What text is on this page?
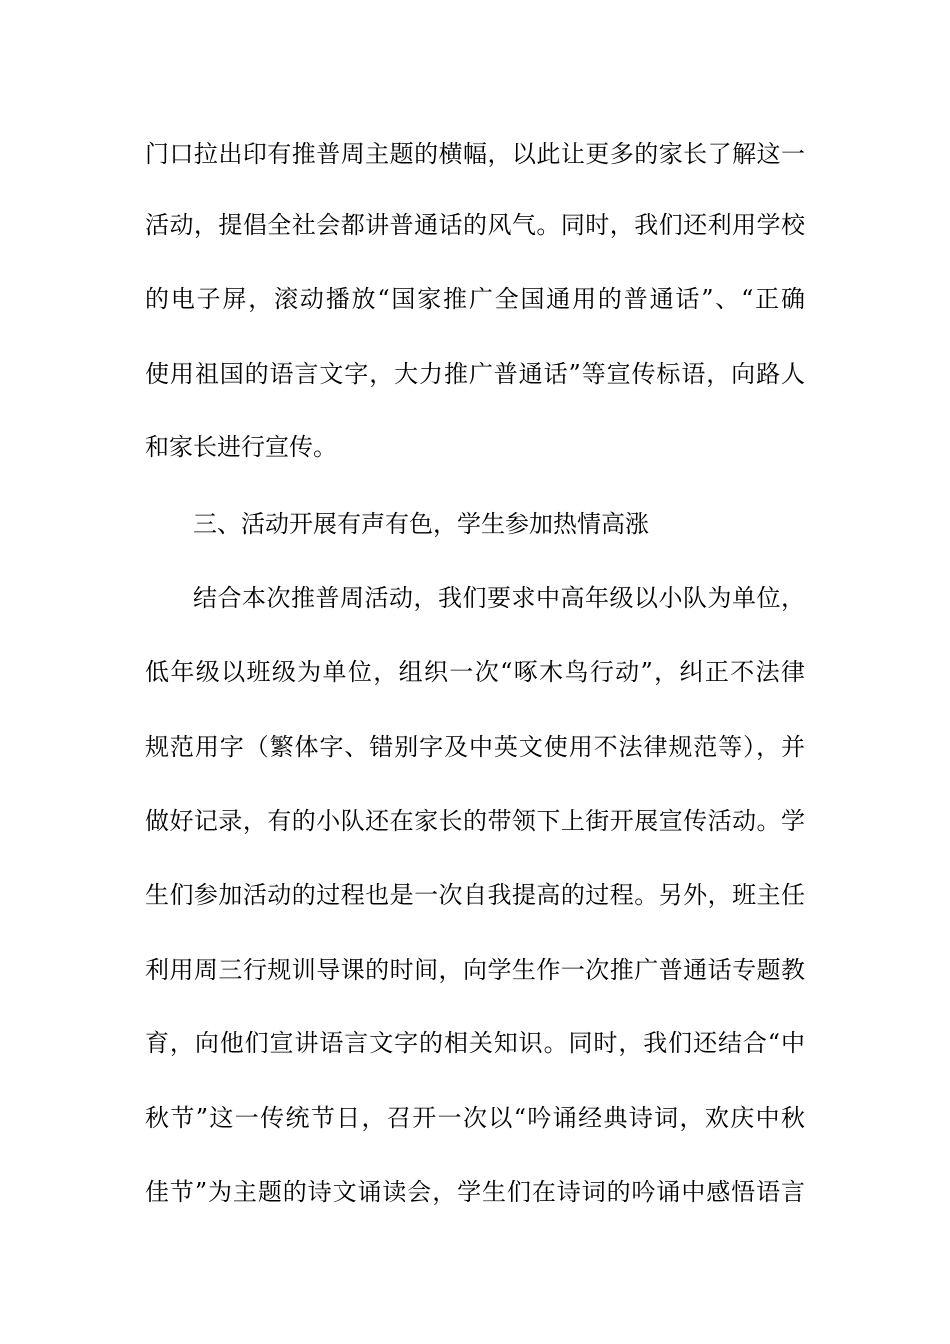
门口拉出印有推普周主题的横幅，以此让更多的家长了解这一
活动，提倡全社会都讲普通话的风气。同时，我们还利用学校
的电子屏，滚动播放“国家推广全国通用的普通话”、“正确
使用祖国的语言文字，大力推广普通话”等宣传标语，向路人
和家长进行宣传。
三、活动开展有声有色，学生参加热情高涨
结合本次推普周活动，我们要求中高年级以小队为单位，
低年级以班级为单位，组织一次“啄木鸟行动”，纠正不法律
规范用字（繁体字、错别字及中英文使用不法律规范等），并
做好记录，有的小队还在家长的带领下上街开展宣传活动。学
生们参加活动的过程也是一次自我提高的过程。另外，班主任
利用周三行规训导课的时间，向学生作一次推广普通话专题教
育，向他们宣讲语言文字的相关知识。同时，我们还结合“中
秋节”这一传统节日，召开一次以“吟诵经典诗词，欢庆中秋
佳节”为主题的诗文诵读会，学生们在诗词的吟诵中感悟语言
